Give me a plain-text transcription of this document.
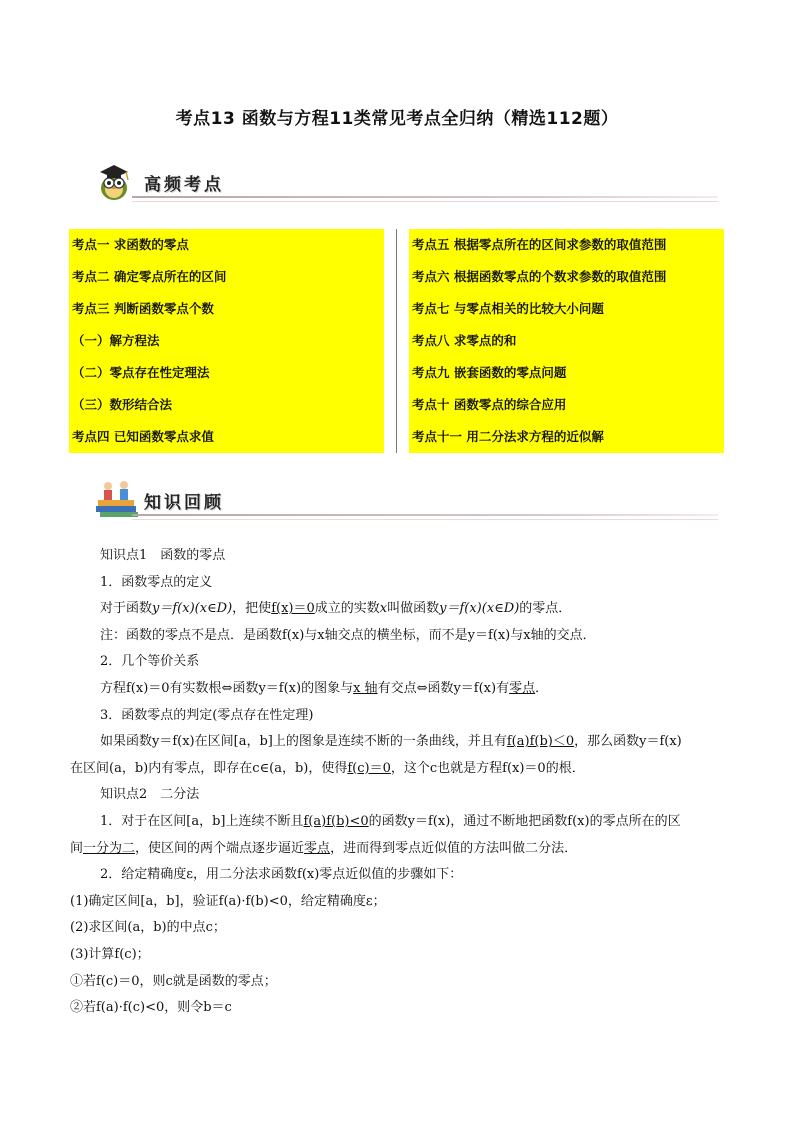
考点13 函数与方程11类常见考点全归纳（精选112题）
高频考点
考点一 求函数的零点
考点二 确定零点所在的区间
考点三 判断函数零点个数
（一）解方程法
（二）零点存在性定理法
（三）数形结合法
考点四 已知函数零点求值
考点五 根据零点所在的区间求参数的取值范围
考点六 根据函数零点的个数求参数的取值范围
考点七 与零点相关的比较大小问题
考点八 求零点的和
考点九 嵌套函数的零点问题
考点十 函数零点的综合应用
考点十一 用二分法求方程的近似解
知识回顾

知识点1　函数的零点

1．函数零点的定义

对于函数y＝f(x)(x∈D)，把使f(x)＝0成立的实数x叫做函数y＝f(x)(x∈D)的零点．

注：函数的零点不是点．是函数f(x)与x轴交点的横坐标，而不是y＝f(x)与x轴的交点．

2．几个等价关系

方程f(x)＝0有实数根⇔函数y＝f(x)的图象与x 轴有交点⇔函数y＝f(x)有零点．

3．函数零点的判定(零点存在性定理)

如果函数y＝f(x)在区间[a，b]上的图象是连续不断的一条曲线，并且有f(a)f(b)＜0，那么函数y＝f(x)

在区间(a，b)内有零点，即存在c∈(a，b)，使得f(c)＝0，这个c也就是方程f(x)＝0的根．

知识点2　二分法

1．对于在区间[a，b]上连续不断且f(a)f(b)<0的函数y＝f(x)，通过不断地把函数f(x)的零点所在的区

间一分为二，使区间的两个端点逐步逼近零点，进而得到零点近似值的方法叫做二分法．

2．给定精确度ε，用二分法求函数f(x)零点近似值的步骤如下：

(1)确定区间[a，b]，验证f(a)·f(b)<0，给定精确度ε；

(2)求区间(a，b)的中点c；

(3)计算f(c)；

①若f(c)＝0，则c就是函数的零点；

②若f(a)·f(c)<0，则令b＝c
